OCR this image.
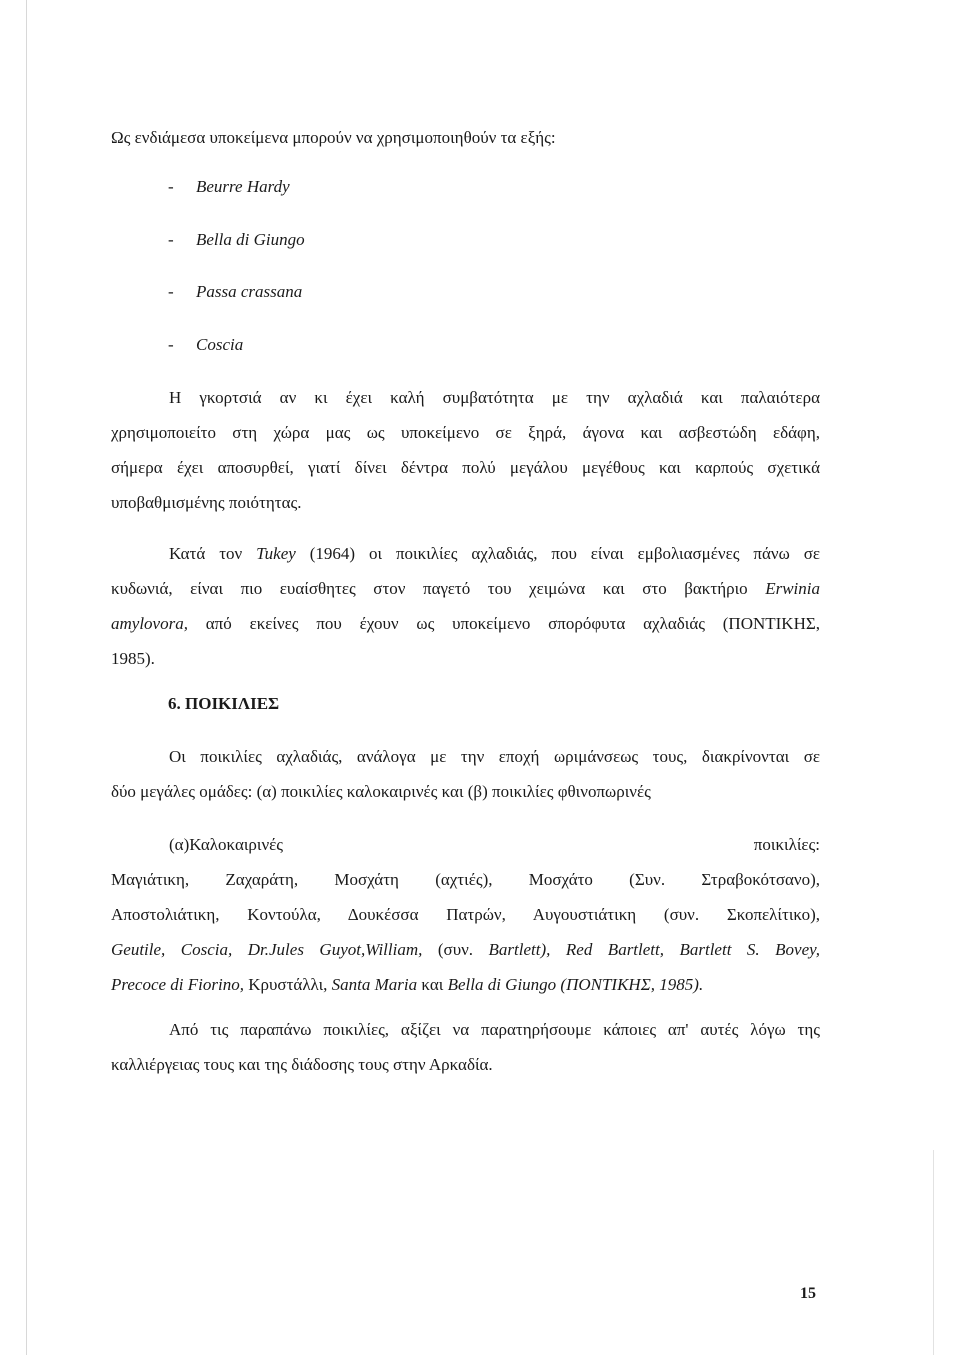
Ως ενδιάμεσα υποκείμενα μπορούν να χρησιμοποιηθούν τα εξής:

- Beurre Hardy
- Bella di Giungo
- Passa crassana
- Coscia
Η γκορτσιά αν κι έχει καλή συμβατότητα με την αχλαδιά και παλαιότερα
χρησιμοποιείτο στη χώρα μας ως υποκείμενο σε ξηρά, άγονα και ασβεστώδη εδάφη,
σήμερα έχει αποσυρθεί, γιατί δίνει δέντρα πολύ μεγάλου μεγέθους και καρπούς σχετικά
υποβαθμισμένης ποιότητας.
Κατά τον Tukey (1964) οι ποικιλίες αχλαδιάς, που είναι εμβολιασμένες πάνω σε
κυδωνιά, είναι πιο ευαίσθητες στον παγετό του χειμώνα και στο βακτήριο Erwinia
amylovora, από εκείνες που έχουν ως υποκείμενο σπορόφυτα αχλαδιάς (ΠΟΝΤΙΚΗΣ,
1985).
6. ΠΟΙΚΙΛΙΕΣ
Οι ποικιλίες αχλαδιάς, ανάλογα με την εποχή ωριμάνσεως τους, διακρίνονται σε
δύο μεγάλες ομάδες: (α) ποικιλίες καλοκαιρινές και (β) ποικιλίες φθινοπωρινές
(α)Καλοκαιρινές ποικιλίες:
Μαγιάτικη, Ζαχαράτη, Μοσχάτη (αχτιές), Μοσχάτο (Συν. Στραβοκότσανο),
Αποστολιάτικη, Κοντούλα, Δουκέσσα Πατρών, Αυγουστιάτικη (συν. Σκοπελίτικο),
Geutile, Coscia, Dr.Jules Guyot,William, (συν. Bartlett), Red Bartlett, Bartlett S. Bovey,
Precoce di Fiorino, Κρυστάλλι, Santa Maria και Bella di Giungo (ΠΟΝΤΙΚΗΣ, 1985).
Από τις παραπάνω ποικιλίες, αξίζει να παρατηρήσουμε κάποιες απ' αυτές λόγω της
καλλιέργειας τους και της διάδοσης τους στην Αρκαδία.

15
